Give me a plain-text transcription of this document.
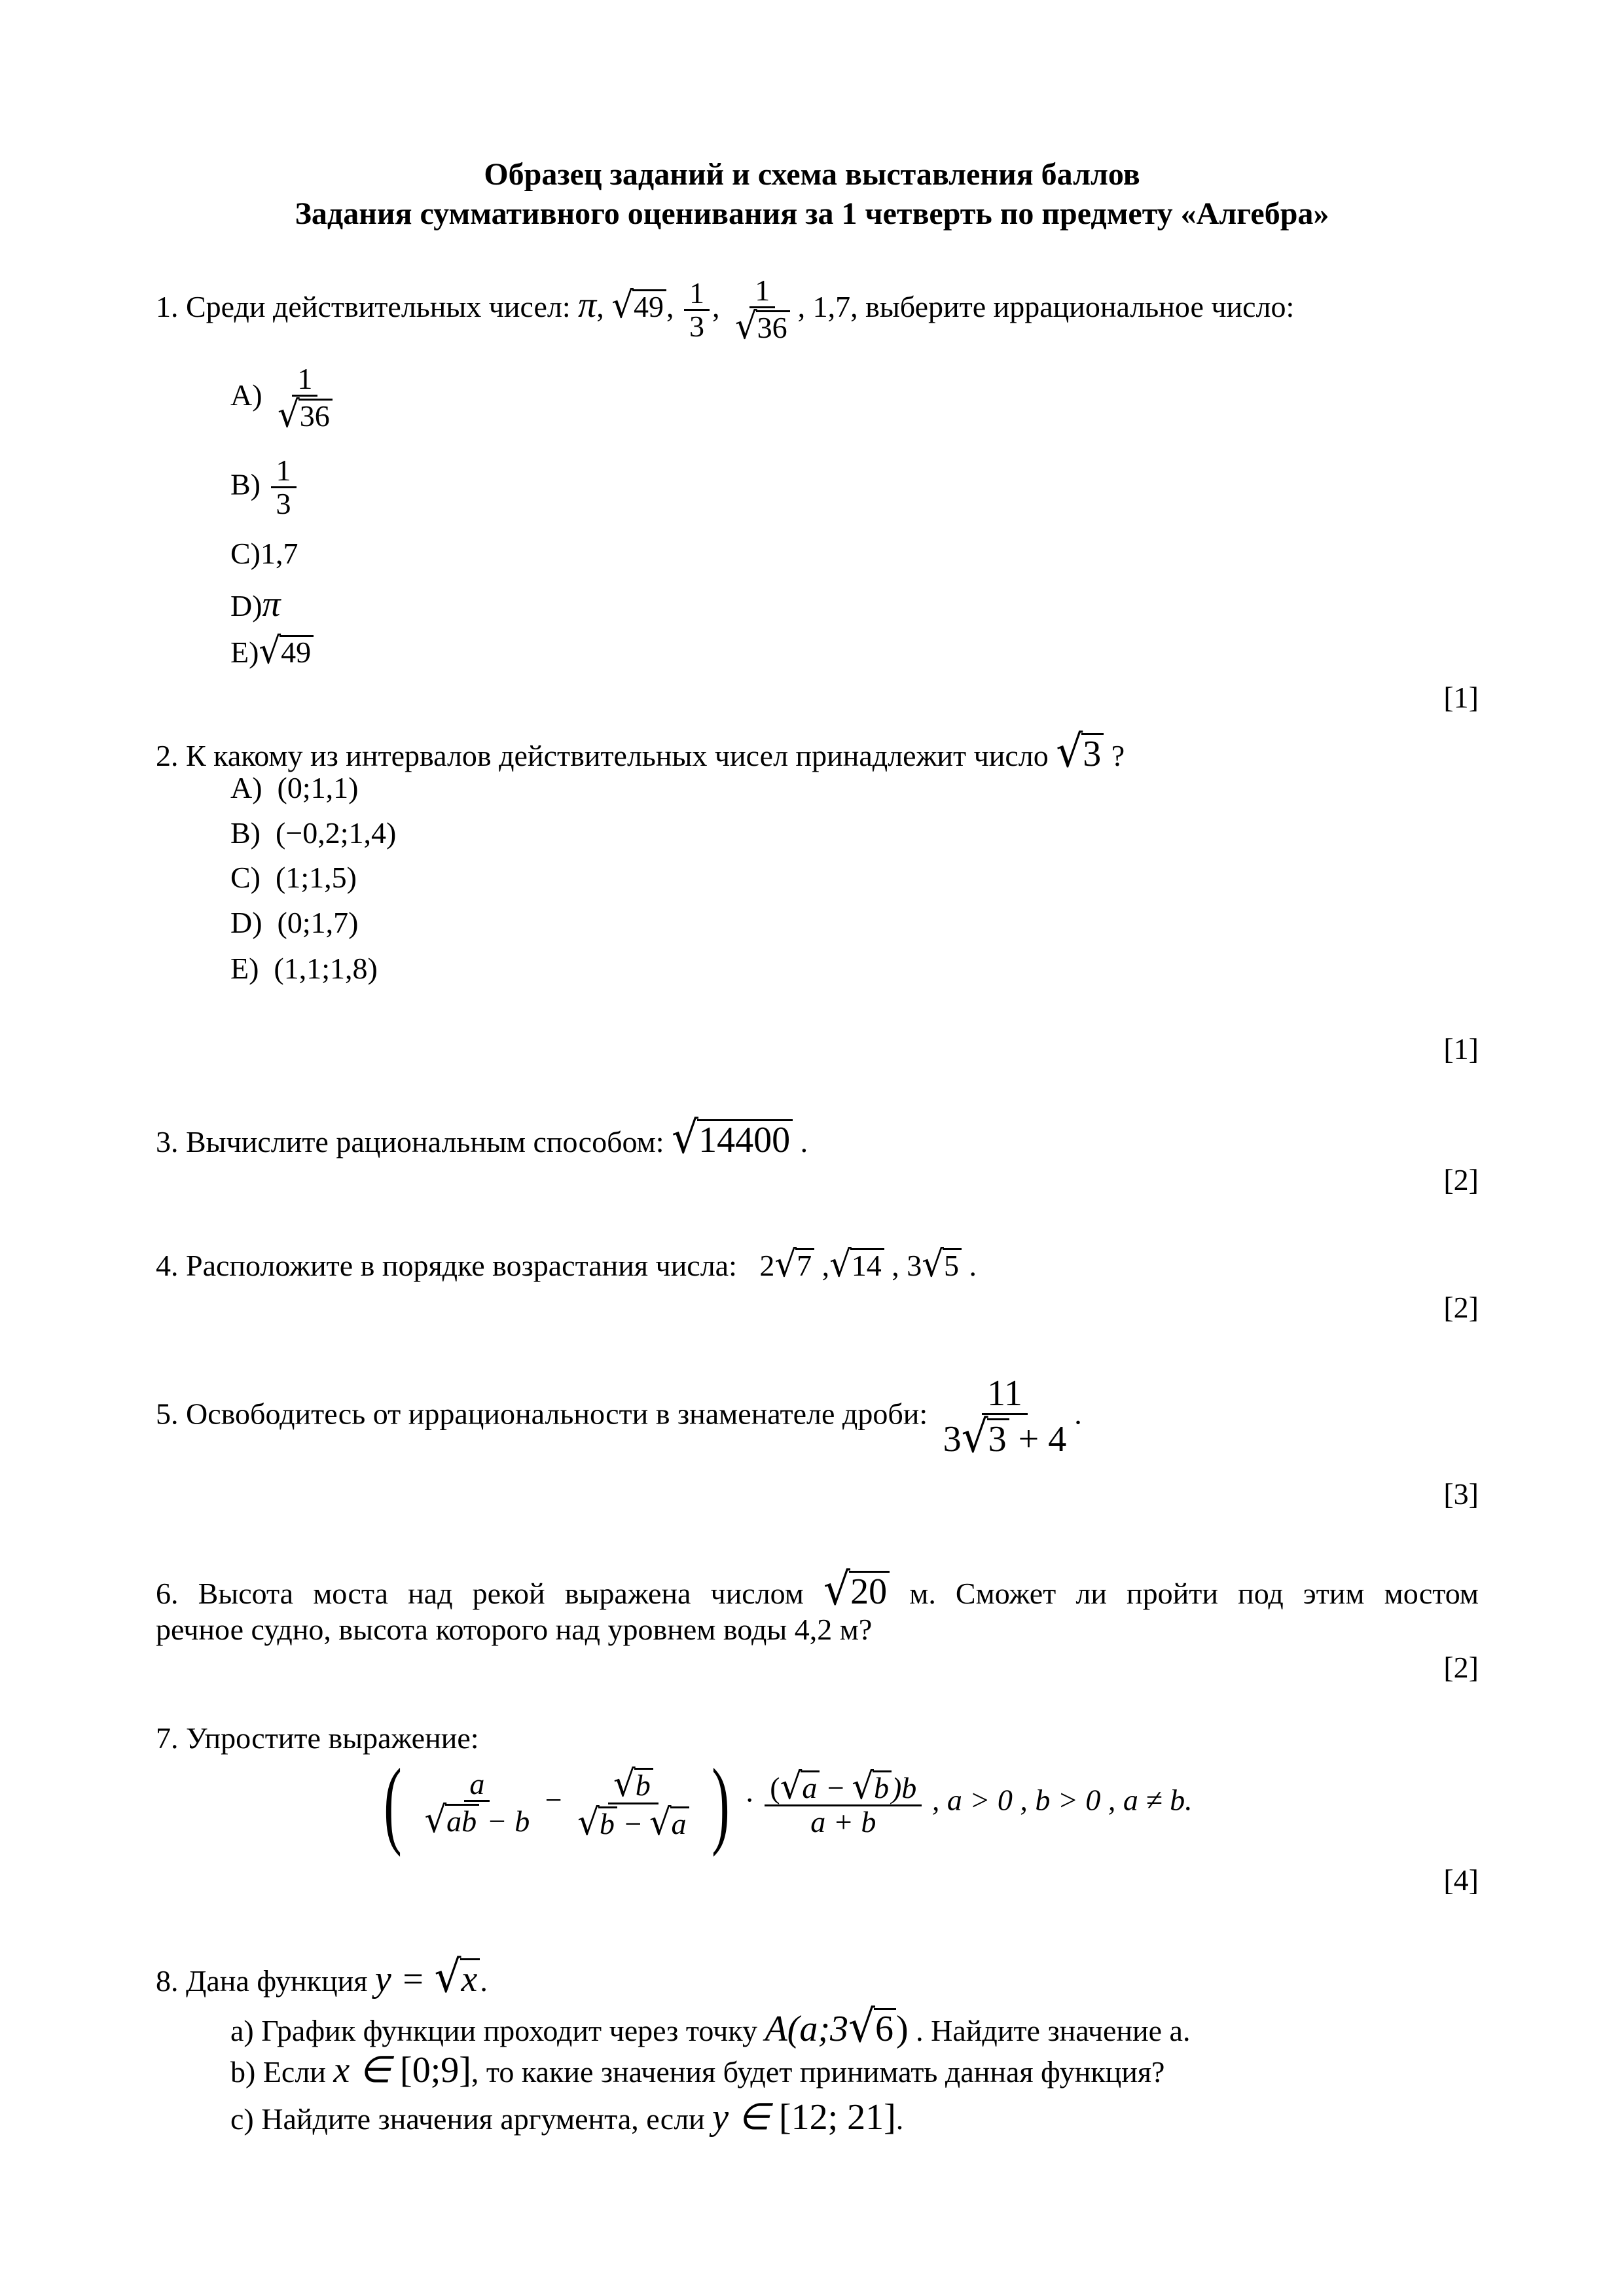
Образец заданий и схема выставления баллов
Задания суммативного оценивания за 1 четверть по предмету «Алгебра»
1. Среди действительных чисел: π, √49, $\frac{1}{3}$ , $\frac{1}{√36}$ , 1,7, выберите иррациональное число:
$A) \frac{1}{√36}$
$B) \frac{1}{3}$
C)1,7
D)π
E)√49
[1]
2. К какому из интервалов действительных чисел принадлежит число √3 ?
A) (0;1,1)
B) (−0,2;1,4)
C) (1;1,5)
D) (0;1,7)
E) (1,1;1,8)
[1]
3. Вычислите рациональным способом: √14400 .
[2]
4. Расположите в порядке возрастания числа: 2√7 ,√14 , 3√5 .
[2]
5. Освободитесь от иррациональности в знаменателе дроби: $\frac{11}{3√3 + 4}$ .
[3]
6. Высота моста над рекой выражена числом √20 м. Сможет ли пройти под этим мостом
речное судно, высота которого над уровнем воды 4,2 м?
[2]
7. Упростите выражение:
( $\frac{a}{√ab - b} - \frac{√b}{√b - √a}$ ) · $\frac{(√a - √b)b}{a + b}$ , a > 0 , b > 0 , a ≠ b.
[4]
8. Дана функция y = √x.
a) График функции проходит через точку A(a;3√6) . Найдите значение a.
b) Если x ∈ [0;9], то какие значения будет принимать данная функция?
c) Найдите значения аргумента, если y ∈ [12; 21].
